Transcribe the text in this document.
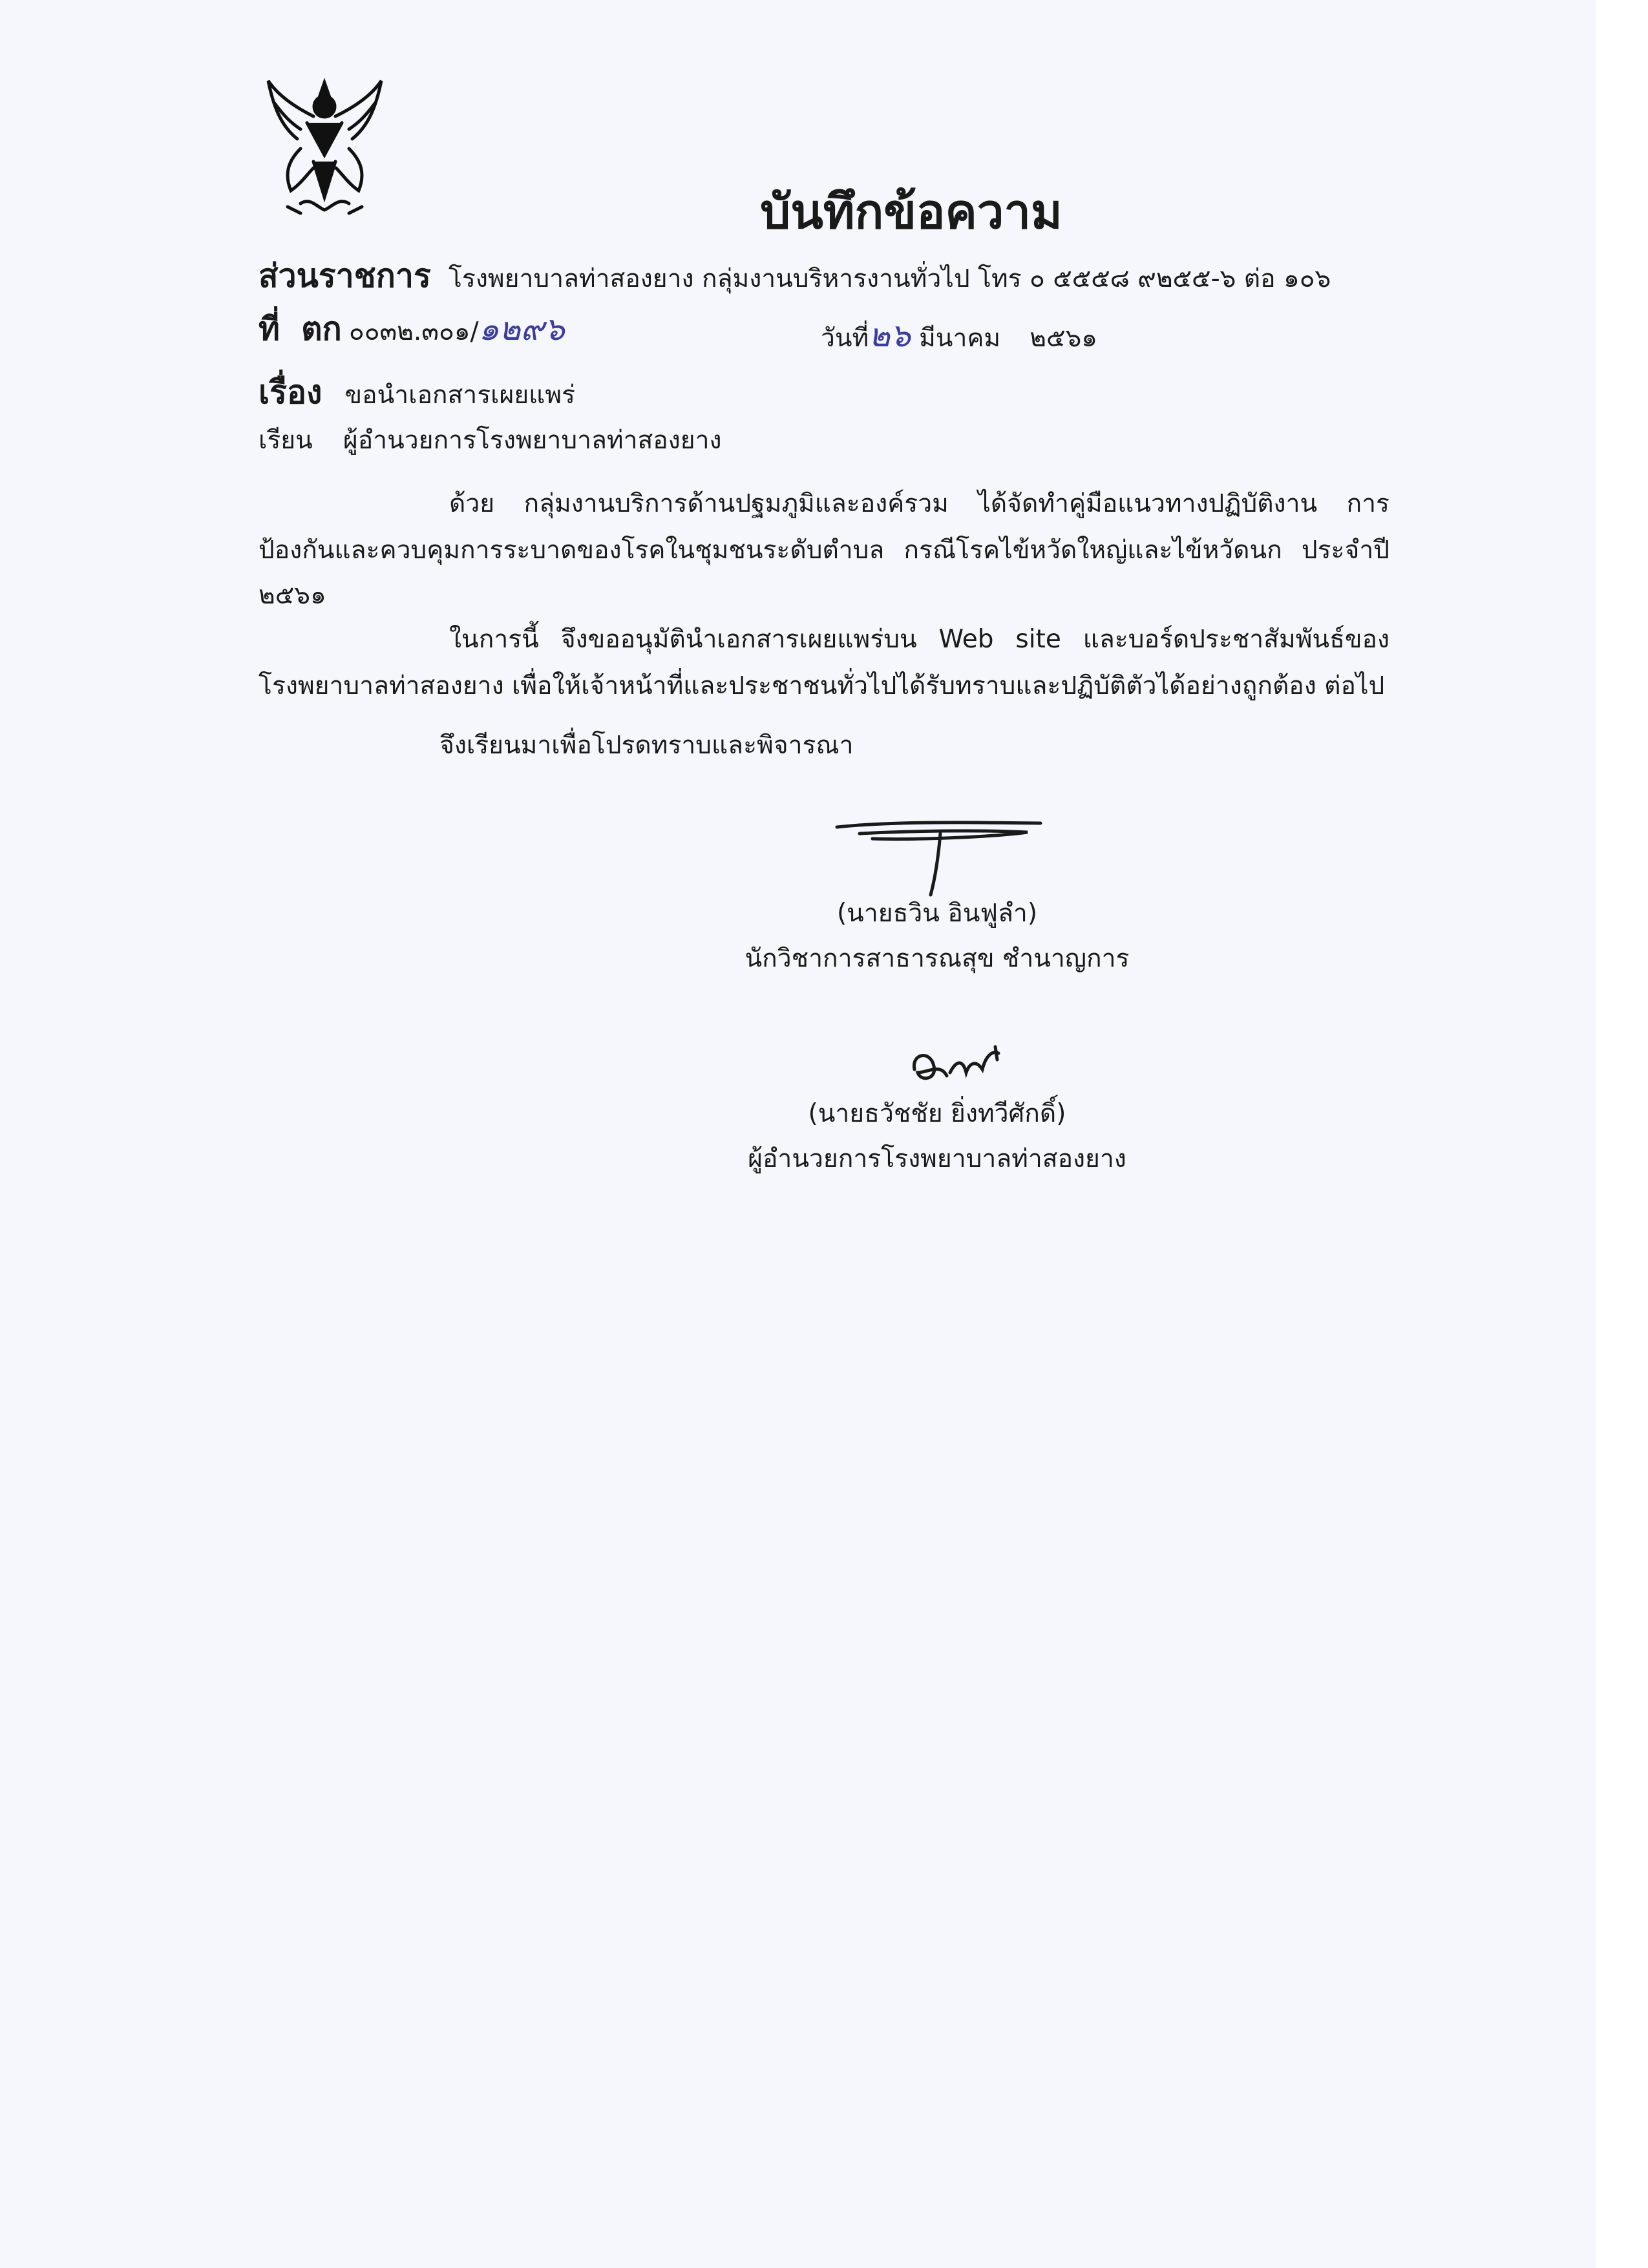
บันทึกข้อความ
ส่วนราชการ โรงพยาบาลท่าสองยาง กลุ่มงานบริหารงานทั่วไป โทร ๐ ๕๕๕๘ ๙๒๕๕-๖ ต่อ ๑๐๖
ที่ ตก ๐๐๓๒.๓๐๑/๑๒๙๖	วันที่๒๖ มีนาคม ๒๕๖๑
เรื่อง ขอนำเอกสารเผยแพร่
เรียน ผู้อำนวยการโรงพยาบาลท่าสองยาง
ด้วย กลุ่มงานบริการด้านปฐมภูมิและองค์รวม ได้จัดทำคู่มือแนวทางปฏิบัติงาน การ
ป้องกันและควบคุมการระบาดของโรคในชุมชนระดับตำบล กรณีโรคไข้หวัดใหญ่และไข้หวัดนก ประจำปี
๒๕๖๑
ในการนี้ จึงขออนุมัตินำเอกสารเผยแพร่บน Web site และบอร์ดประชาสัมพันธ์ของ
โรงพยาบาลท่าสองยาง เพื่อให้เจ้าหน้าที่และประชาชนทั่วไปได้รับทราบและปฏิบัติตัวได้อย่างถูกต้อง ต่อไป
จึงเรียนมาเพื่อโปรดทราบและพิจารณา
(นายธวิน อินฟูลำ)
นักวิชาการสาธารณสุข ชำนาญการ
(นายธวัชชัย ยิ่งทวีศักดิ์)
ผู้อำนวยการโรงพยาบาลท่าสองยาง
